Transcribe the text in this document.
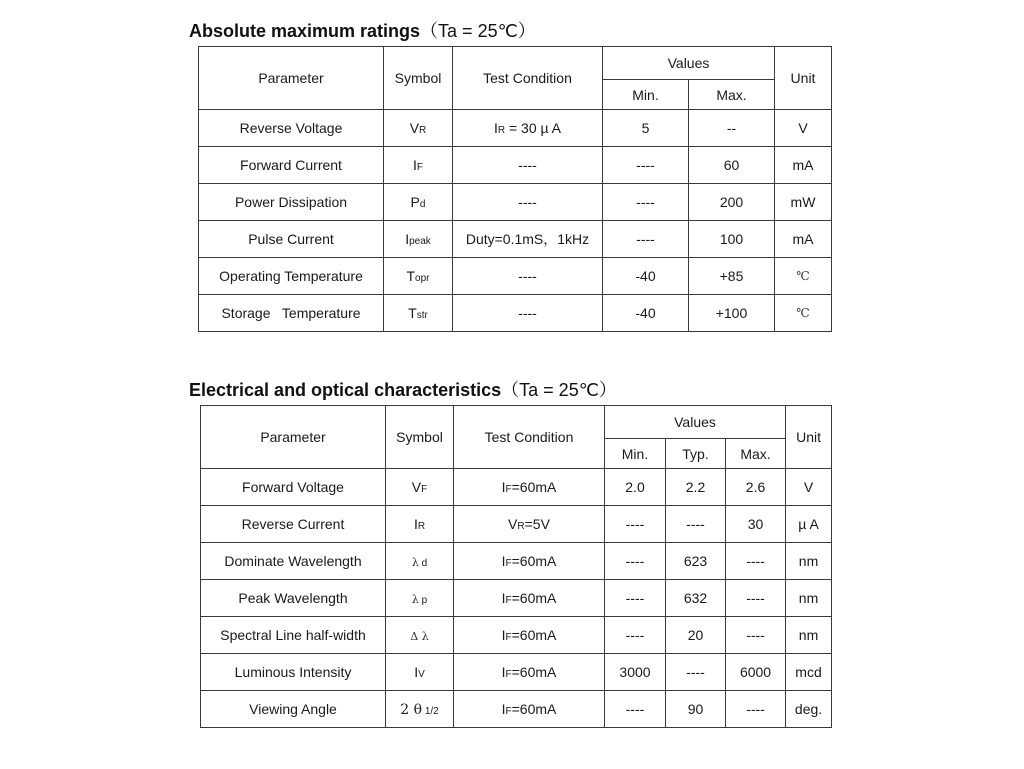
Absolute maximum ratings（Ta = 25℃）
Parameter	Symbol	Test Condition	Values		Unit
			Min.	Max.	
Reverse Voltage	VR	IR = 30 µ A	5	--	V
Forward Current	IF	----	----	60	mA
Power Dissipation	Pd	----	----	200	mW
Pulse Current	Ipeak	Duty=0.1mS，1kHz	----	100	mA
Operating Temperature	Topr	----	-40	+85	℃
Storage   Temperature	Tstr	----	-40	+100	℃
Electrical and optical characteristics（Ta = 25℃）
Parameter	Symbol	Test Condition	Values			Unit
			Min.	Typ.	Max.	
Forward Voltage	VF	IF=60mA	2.0	2.2	2.6	V
Reverse Current	IR	VR=5V	----	----	30	µ A
Dominate Wavelength	λ d	IF=60mA	----	623	----	nm
Peak Wavelength	λ p	IF=60mA	----	632	----	nm
Spectral Line half-width	Δ λ	IF=60mA	----	20	----	nm
Luminous Intensity	IV	IF=60mA	3000	----	6000	mcd
Viewing Angle	2 θ 1/2	IF=60mA	----	90	----	deg.
